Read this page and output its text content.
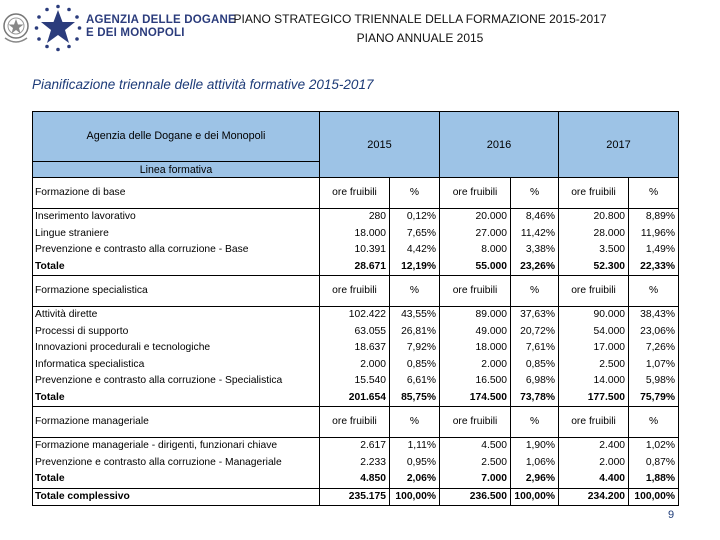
AGENZIA DELLE DOGANE
E DEI MONOPOLI
PIANO STRATEGICO TRIENNALE DELLA FORMAZIONE 2015-2017
PIANO ANNUALE 2015
Pianificazione triennale delle attività formative 2015-2017
Agenzia delle Dogane e dei Monopoli	2015		2016		2017	
Linea formativa						
Formazione di base	ore fruibili	%	ore fruibili	%	ore fruibili	%
Inserimento lavorativo	280	0,12%	20.000	8,46%	20.800	8,89%
Lingue straniere	18.000	7,65%	27.000	11,42%	28.000	11,96%
Prevenzione e contrasto alla corruzione - Base	10.391	4,42%	8.000	3,38%	3.500	1,49%
Totale	28.671	12,19%	55.000	23,26%	52.300	22,33%
Formazione specialistica	ore fruibili	%	ore fruibili	%	ore fruibili	%
Attività dirette	102.422	43,55%	89.000	37,63%	90.000	38,43%
Processi di supporto	63.055	26,81%	49.000	20,72%	54.000	23,06%
Innovazioni procedurali e tecnologiche	18.637	7,92%	18.000	7,61%	17.000	7,26%
Informatica specialistica	2.000	0,85%	2.000	0,85%	2.500	1,07%
Prevenzione e contrasto alla corruzione - Specialistica	15.540	6,61%	16.500	6,98%	14.000	5,98%
Totale	201.654	85,75%	174.500	73,78%	177.500	75,79%
Formazione manageriale	ore fruibili	%	ore fruibili	%	ore fruibili	%
Formazione manageriale - dirigenti, funzionari chiave	2.617	1,11%	4.500	1,90%	2.400	1,02%
Prevenzione e contrasto alla corruzione - Manageriale	2.233	0,95%	2.500	1,06%	2.000	0,87%
Totale	4.850	2,06%	7.000	2,96%	4.400	1,88%
Totale complessivo	235.175	100,00%	236.500	100,00%	234.200	100,00%
9
